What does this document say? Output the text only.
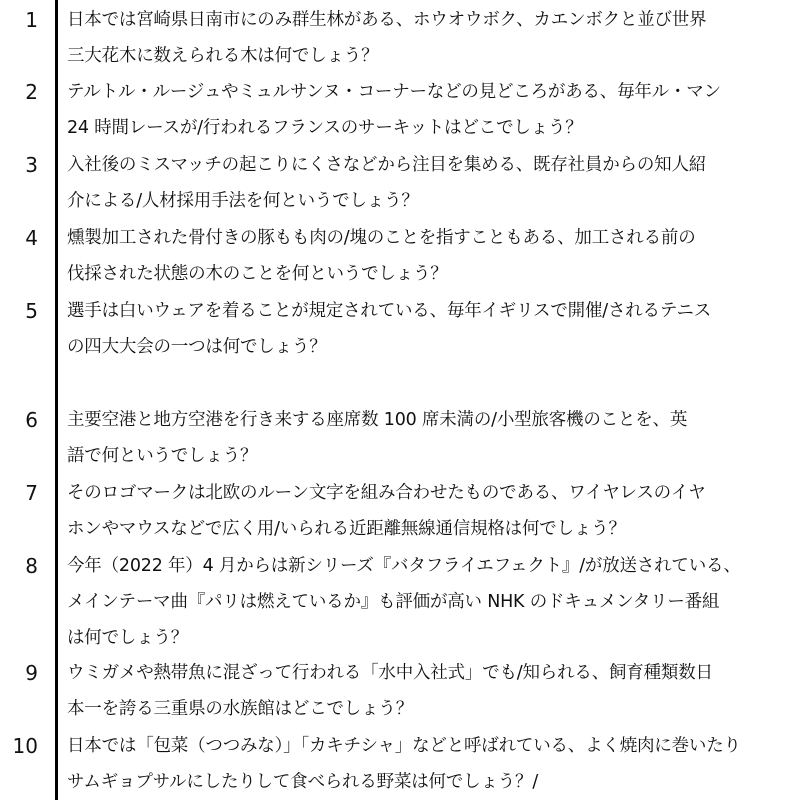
1 日本では宮崎県日南市にのみ群生林がある、ホウオウボク、カエンボクと並び世界
三大花木に数えられる木は何でしょう？
2 テルトル・ルージュやミュルサンヌ・コーナーなどの見どころがある、毎年ル・マン
24 時間レースが/行われるフランスのサーキットはどこでしょう？
3 入社後のミスマッチの起こりにくさなどから注目を集める、既存社員からの知人紹
介による/人材採用手法を何というでしょう？
4 燻製加工された骨付きの豚もも肉の/塊のことを指すこともある、加工される前の
伐採された状態の木のことを何というでしょう？
5 選手は白いウェアを着ることが規定されている、毎年イギリスで開催/されるテニス
の四大大会の一つは何でしょう？
6 主要空港と地方空港を行き来する座席数 100 席未満の/小型旅客機のことを、英
語で何というでしょう？
7 そのロゴマークは北欧のルーン文字を組み合わせたものである、ワイヤレスのイヤ
ホンやマウスなどで広く用/いられる近距離無線通信規格は何でしょう？
8 今年（2022 年）4 月からは新シリーズ『バタフライエフェクト』/が放送されている、
メインテーマ曲『パリは燃えているか』も評価が高い NHK のドキュメンタリー番組
は何でしょう？
9 ウミガメや熱帯魚に混ざって行われる「水中入社式」でも/知られる、飼育種類数日
本一を誇る三重県の水族館はどこでしょう？
10 日本では「包菜（つつみな）」「カキチシャ」などと呼ばれている、よく焼肉に巻いたり
サムギョプサルにしたりして食べられる野菜は何でしょう？/
